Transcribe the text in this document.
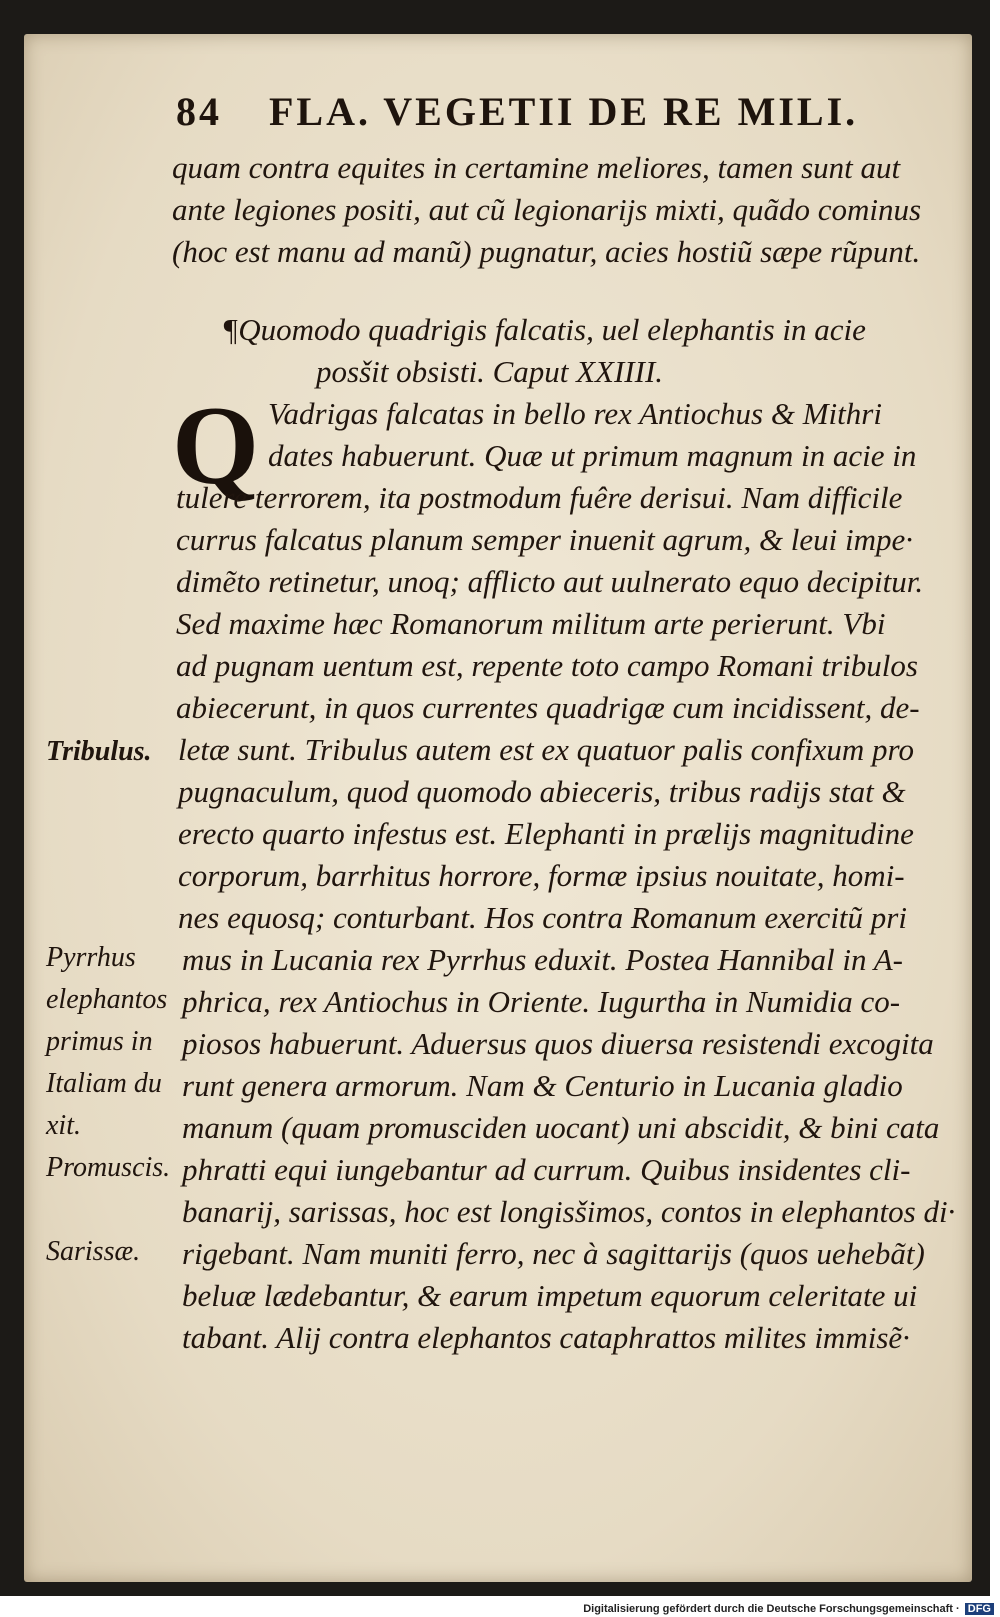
84 FLA. VEGETII DE RE MILI.
quam contra equites in certamine meliores, tamen sunt aut
ante legiones positi, aut cũ legionarijs mixti, quãdo cominus
(hoc est manu ad manũ) pugnatur, acies hostiũ sæpe rũpunt.
¶Quomodo quadrigis falcatis, uel elephantis in acie
posšit obsisti. Caput XXIIII.
Q Vadrigas falcatas in bello rex Antiochus & Mithri
dates habuerunt. Quæ ut primum magnum in acie in
tulere terrorem, ita postmodum fuêre derisui. Nam difficile
currus falcatus planum semper inuenit agrum, & leui impe·
dimẽto retinetur, unoq; afflicto aut uulnerato equo decipitur.
Sed maxime hæc Romanorum militum arte perierunt. Vbi
ad pugnam uentum est, repente toto campo Romani tribulos
abiecerunt, in quos currentes quadrigæ cum incidissent, de-
letæ sunt. Tribulus autem est ex quatuor palis confixum pro
pugnaculum, quod quomodo abieceris, tribus radijs stat &
erecto quarto infestus est. Elephanti in prælijs magnitudine
corporum, barrhitus horrore, formæ ipsius nouitate, homi-
nes equosq; conturbant. Hos contra Romanum exercitũ pri
mus in Lucania rex Pyrrhus eduxit. Postea Hannibal in A-
phrica, rex Antiochus in Oriente. Iugurtha in Numidia co-
piosos habuerunt. Aduersus quos diuersa resistendi excogita
runt genera armorum. Nam & Centurio in Lucania gladio
manum (quam promusciden uocant) uni abscidit, & bini cata
phratti equi iungebantur ad currum. Quibus insidentes cli-
banarij, sarissas, hoc est longisšimos, contos in elephantos di·
rigebant. Nam muniti ferro, nec à sagittarijs (quos uehebãt)
beluæ lædebantur, & earum impetum equorum celeritate ui
tabant. Alij contra elephantos cataphrattos milites immisẽ·
Tribulus.
Pyrrhus
elephantos
primus in
Italiam du
xit.
Promuscis.
Sarissæ.
Digitalisierung gefördert durch die Deutsche Forschungsgemeinschaft · DFG
